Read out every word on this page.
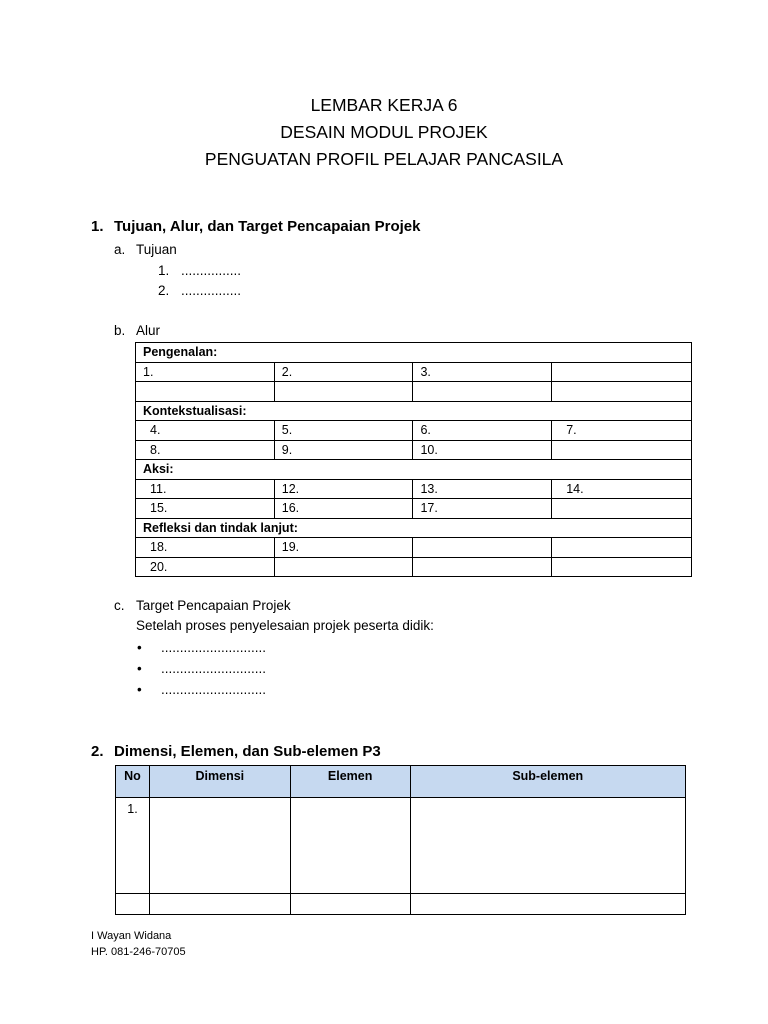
LEMBAR KERJA 6
DESAIN MODUL PROJEK
PENGUATAN PROFIL PELAJAR PANCASILA
1. Tujuan, Alur, dan Target Pencapaian Projek
a. Tujuan
1. ................
2. ................
b. Alur
Pengenalan:			
1.	2.	3.	

Kontekstualisasi:			
4.	5.	6.	7.
8.	9.	10.	
Aksi:			
11.	12.	13.	14.
15.	16.	17.	
Refleksi dan tindak lanjut:			
18.	19.		
20.			
c. Target Pencapaian Projek
Setelah proses penyelesaian projek peserta didik:
• ............................
• ............................
• ............................
2. Dimensi, Elemen, dan Sub-elemen P3
No	Dimensi	Elemen	Sub-elemen
1.			

I Wayan Widana
HP. 081-246-70705
